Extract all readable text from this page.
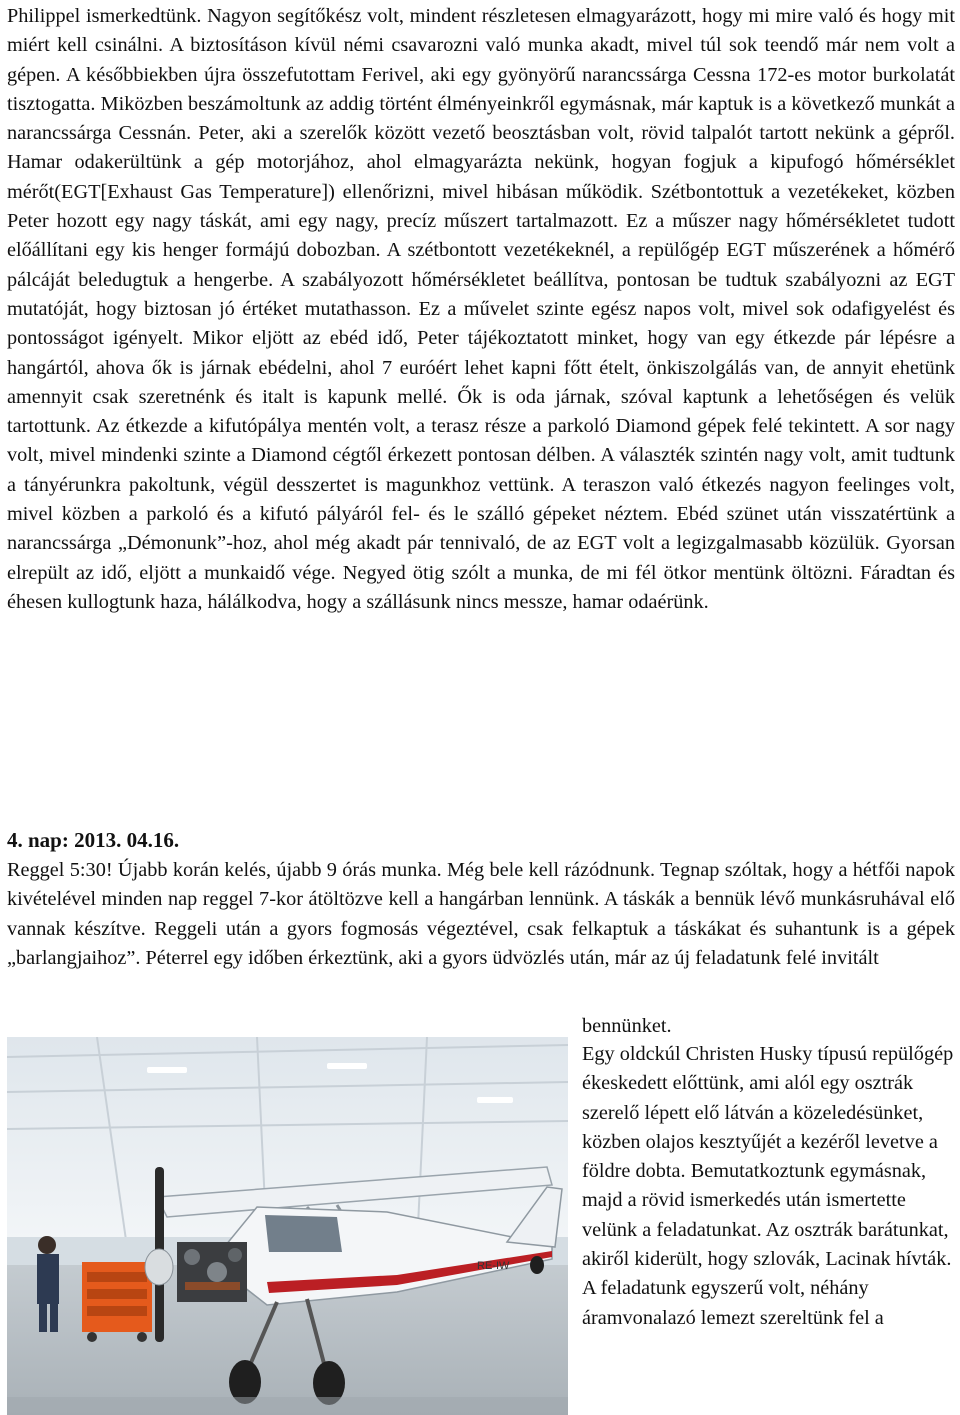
Philippel ismerkedtünk. Nagyon segítőkész volt, mindent részletesen elmagyarázott, hogy mi mire való és hogy mit miért kell csinálni. A biztosításon kívül némi csavarozni való munka akadt, mivel túl sok teendő már nem volt a gépen. A későbbiekben újra összefutottam Ferivel, aki egy gyönyörű narancssárga Cessna 172-es motor burkolatát tisztogatta. Miközben beszámoltunk az addig történt élményeinkről egymásnak, már kaptuk is a következő munkát a narancssárga Cessnán. Peter, aki a szerelők között vezető beosztásban volt, rövid talpalót tartott nekünk a gépről. Hamar odakerültünk a gép motorjához, ahol elmagyarázta nekünk, hogyan fogjuk a kipufogó hőmérséklet mérőt(EGT[Exhaust Gas Temperature]) ellenőrizni, mivel hibásan működik. Szétbontottuk a vezetékeket, közben Peter hozott egy nagy táskát, ami egy nagy, precíz műszert tartalmazott. Ez a műszer nagy hőmérsékletet tudott előállítani egy kis henger formájú dobozban. A szétbontott vezetékeknél, a repülőgép EGT műszerének a hőmérő pálcáját beledugtuk a hengerbe. A szabályozott hőmérsékletet beállítva, pontosan be tudtuk szabályozni az EGT mutatóját, hogy biztosan jó értéket mutathasson. Ez a művelet szinte egész napos volt, mivel sok odafigyelést és pontosságot igényelt. Mikor eljött az ebéd idő, Peter tájékoztatott minket, hogy van egy étkezde pár lépésre a hangártól, ahova ők is járnak ebédelni, ahol 7 euróért lehet kapni főtt ételt, önkiszolgálás van, de annyit ehetünk amennyit csak szeretnénk és italt is kapunk mellé. Ők is oda járnak, szóval kaptunk a lehetőségen és velük tartottunk. Az étkezde a kifutópálya mentén volt, a terasz része a parkoló Diamond gépek felé tekintett. A sor nagy volt, mivel mindenki szinte a Diamond cégtől érkezett pontosan délben. A választék szintén nagy volt, amit tudtunk a tányérunkra pakoltunk, végül desszertet is magunkhoz vettünk. A teraszon való étkezés nagyon feelinges volt, mivel közben a parkoló és a kifutó pályáról fel- és le szálló gépeket néztem. Ebéd szünet után visszatértünk a narancssárga „Démonunk”-hoz, ahol még akadt pár tennivaló, de az EGT volt a legizgalmasabb közülük. Gyorsan elrepült az idő, eljött a munkaidő vége. Negyed ötig szólt a munka, de mi fél ötkor mentünk öltözni. Fáradtan és éhesen kullogtunk haza, hálálkodva, hogy a szállásunk nincs messze, hamar odaérünk.

4. nap: 2013. 04.16.

Reggel 5:30! Újabb korán kelés, újabb 9 órás munka. Még bele kell rázódnunk. Tegnap szóltak, hogy a hétfői napok kivételével minden nap reggel 7-kor átöltözve kell a hangárban lennünk. A táskák a bennük lévő munkásruhával elő vannak készítve. Reggeli után a gyors fogmosás végeztével, csak felkaptuk a táskákat és suhantunk is a gépek „barlangjaihoz”. Péterrel egy időben érkeztünk, aki a gyors üdvözlés után, már az új feladatunk felé invitált

bennünket.

RE-IW

Egy oldckúl Christen Husky típusú repülőgép ékeskedett előttünk, ami alól egy osztrák szerelő lépett elő látván a közeledésünket, közben olajos kesztyűjét a kezéről levetve a földre dobta. Bemutatkoztunk egymásnak, majd a rövid ismerkedés után ismertette velünk a feladatunkat. Az osztrák barátunkat, akiről kiderült, hogy szlovák, Lacinak hívták. A feladatunk egyszerű volt, néhány áramvonalazó lemezt szereltünk fel a
